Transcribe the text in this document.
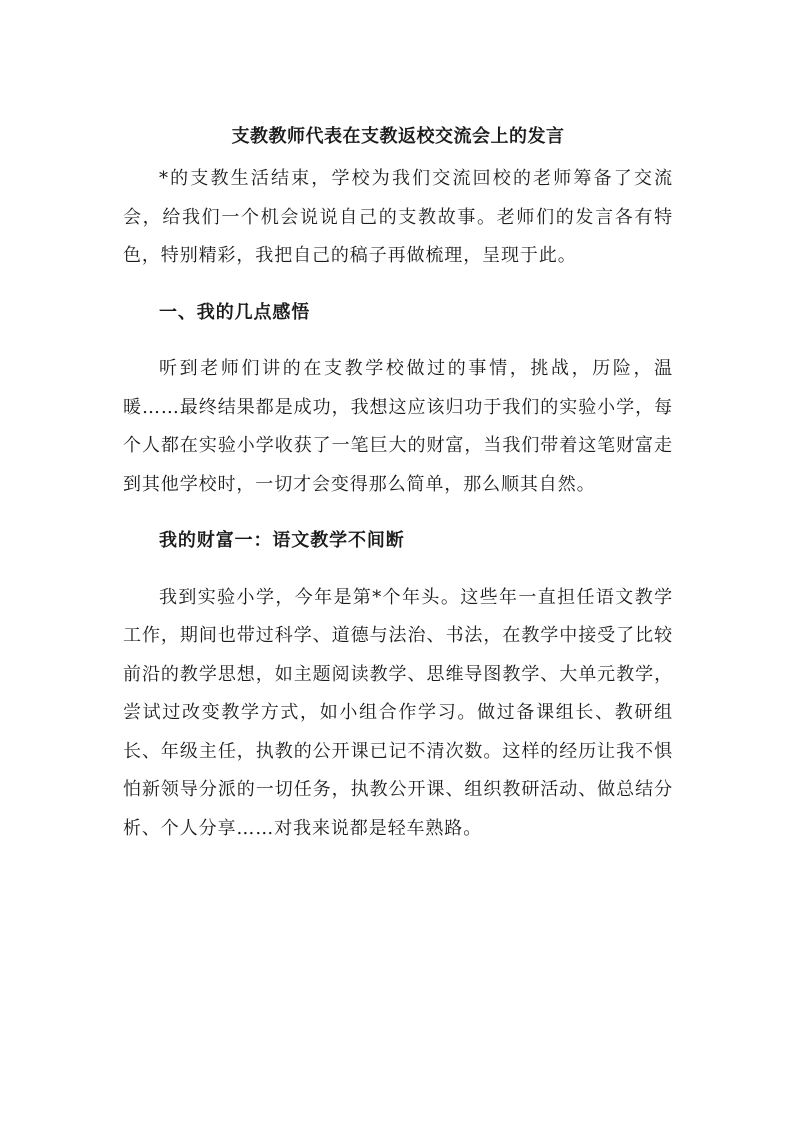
支教教师代表在支教返校交流会上的发言

*的支教生活结束，学校为我们交流回校的老师筹备了交流会，给我们一个机会说说自己的支教故事。老师们的发言各有特色，特别精彩，我把自己的稿子再做梳理，呈现于此。

一、我的几点感悟

听到老师们讲的在支教学校做过的事情，挑战，历险，温暖……最终结果都是成功，我想这应该归功于我们的实验小学，每个人都在实验小学收获了一笔巨大的财富，当我们带着这笔财富走到其他学校时，一切才会变得那么简单，那么顺其自然。

我的财富一：语文教学不间断

我到实验小学，今年是第*个年头。这些年一直担任语文教学工作，期间也带过科学、道德与法治、书法，在教学中接受了比较前沿的教学思想，如主题阅读教学、思维导图教学、大单元教学，尝试过改变教学方式，如小组合作学习。做过备课组长、教研组长、年级主任，执教的公开课已记不清次数。这样的经历让我不惧怕新领导分派的一切任务，执教公开课、组织教研活动、做总结分析、个人分享……对我来说都是轻车熟路。
